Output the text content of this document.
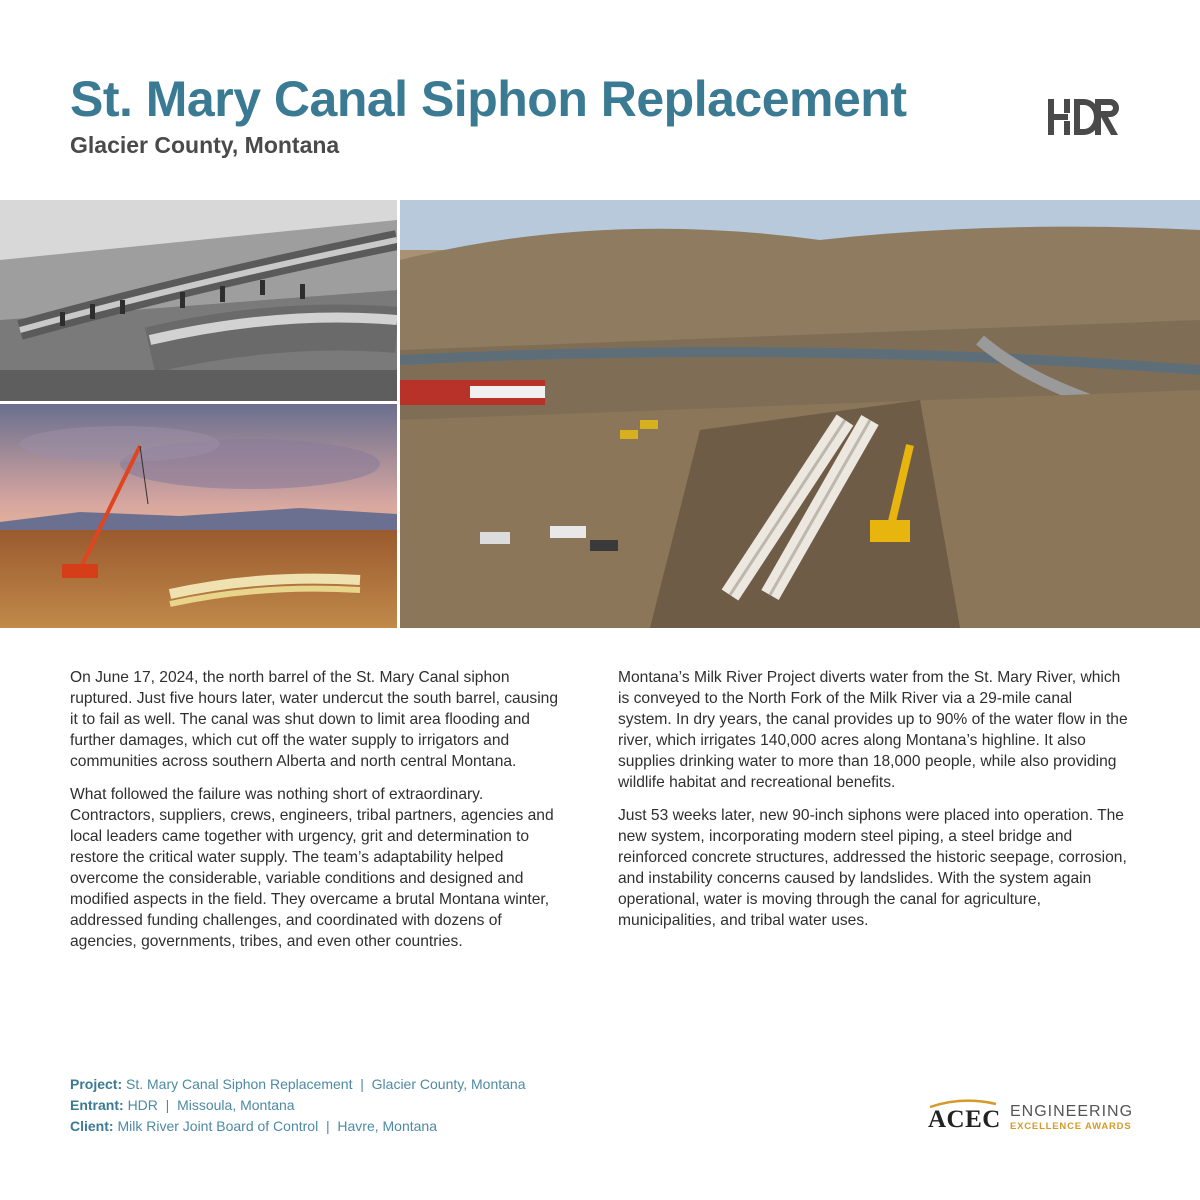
St. Mary Canal Siphon Replacement
Glacier County, Montana

On June 17, 2024, the north barrel of the St. Mary Canal siphon ruptured. Just five hours later, water undercut the south barrel, causing it to fail as well. The canal was shut down to limit area flooding and further damages, which cut off the water supply to irrigators and communities across southern Alberta and north central Montana.

What followed the failure was nothing short of extraordinary. Contractors, suppliers, crews, engineers, tribal partners, agencies and local leaders came together with urgency, grit and determination to restore the critical water supply. The team’s adaptability helped overcome the considerable, variable conditions and designed and modified aspects in the field. They overcame a brutal Montana winter, addressed funding challenges, and coordinated with dozens of agencies, governments, tribes, and even other countries.

Montana’s Milk River Project diverts water from the St. Mary River, which is conveyed to the North Fork of the Milk River via a 29-mile canal system. In dry years, the canal provides up to 90% of the water flow in the river, which irrigates 140,000 acres along Montana’s highline. It also supplies drinking water to more than 18,000 people, while also providing wildlife habitat and recreational benefits.

Just 53 weeks later, new 90-inch siphons were placed into operation. The new system, incorporating modern steel piping, a steel bridge and reinforced concrete structures, addressed the historic seepage, corrosion, and instability concerns caused by landslides. With the system again operational, water is moving through the canal for agriculture, municipalities, and tribal water uses.

Project: St. Mary Canal Siphon Replacement  |  Glacier County, Montana
Entrant: HDR  |  Missoula, Montana
Client: Milk River Joint Board of Control  |  Havre, Montana	ACEC ENGINEERING
EXCELLENCE AWARDS
